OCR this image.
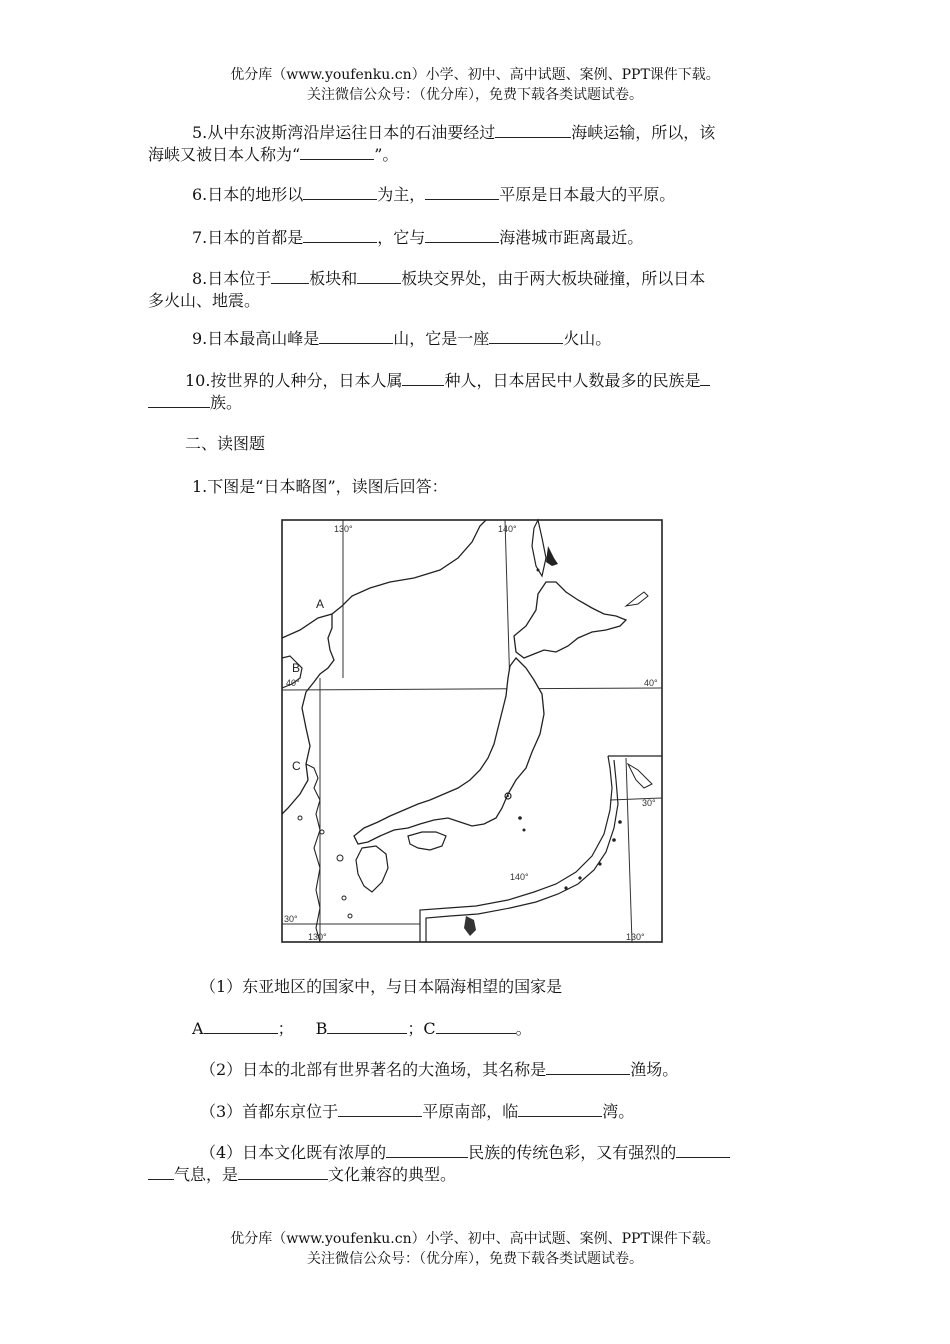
优分库（www.youfenku.cn）小学、初中、高中试题、案例、PPT课件下载。
关注微信公众号：（优分库），免费下载各类试题试卷。
5.从中东波斯湾沿岸运往日本的石油要经过	海峡运输，所以，该
海峡又被日本人称为“	”。
6.日本的地形以	为主，	平原是日本最大的平原。
7.日本的首都是	，它与	海港城市距离最近。
8.日本位于 板块和	板块交界处，由于两大板块碰撞，所以日本
多火山、地震。
9.日本最高山峰是	山，它是一座	火山。
10.按世界的人种分，日本人属	种人，日本居民中人数最多的民族是
族。
二、读图题
1.下图是“日本略图”，读图后回答：
A
B
C
130°	140°
40°	40°
30°
140°
30°
130°	130°
（1）东亚地区的国家中，与日本隔海相望的国家是
A	； B	；C	。
（2）日本的北部有世界著名的大渔场，其名称是	渔场。
（3）首都东京位于	平原南部，临	湾。
（4）日本文化既有浓厚的	民族的传统色彩，又有强烈的
气息，是	文化兼容的典型。
优分库（www.youfenku.cn）小学、初中、高中试题、案例、PPT课件下载。
关注微信公众号：（优分库），免费下载各类试题试卷。
